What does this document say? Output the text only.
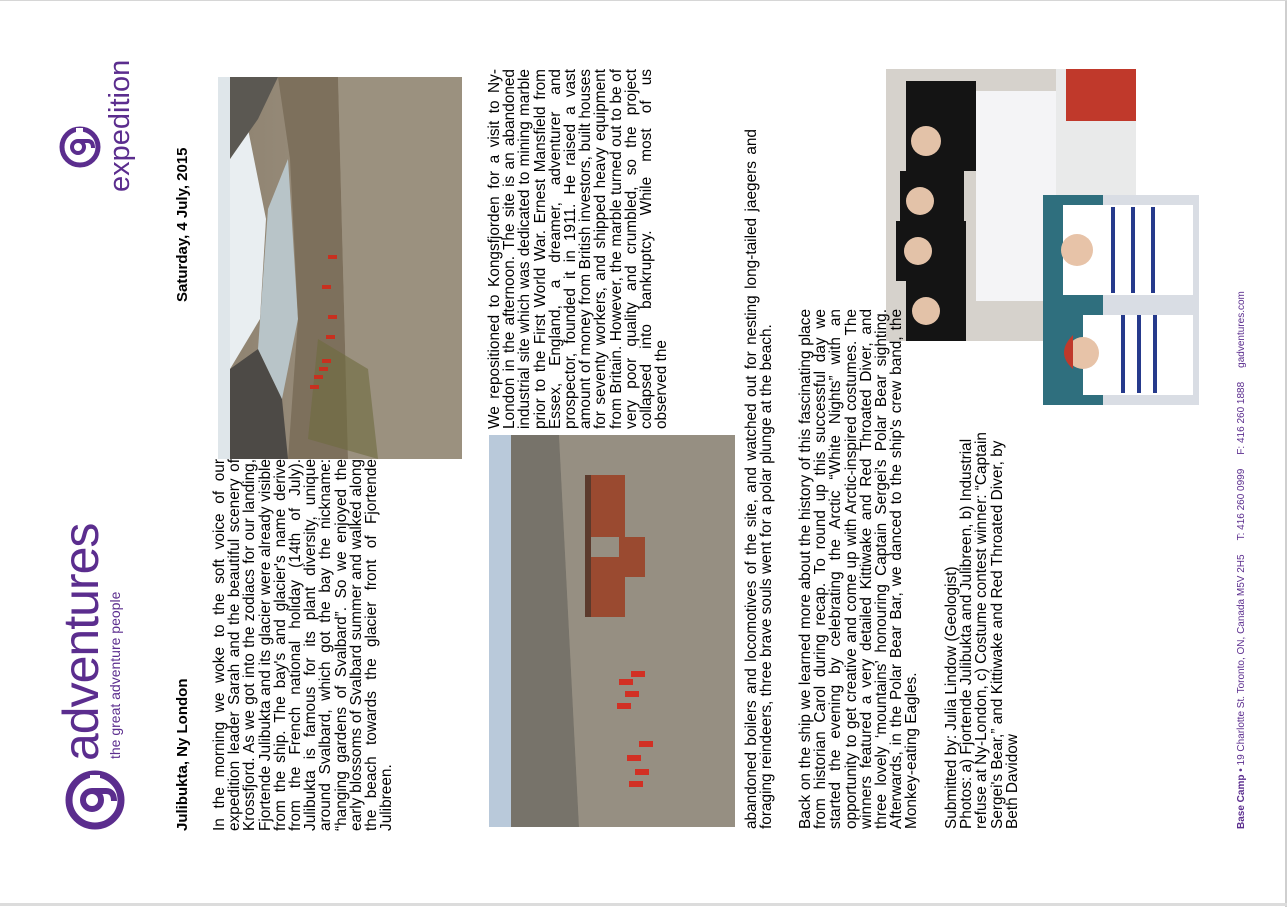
adventures
the great adventure people
expedition
Julibukta, Ny London
Saturday, 4 July, 2015

In the morning we woke to the soft voice of our expedition leader Sarah and the beautiful scenery of Krossfjord. As we got into the zodiacs for our landing, Fjortende Julibukta and its glacier were already visible from the ship. The bay's and glacier's name derive from the French national holiday (14th of July). Julibukta is famous for its plant diversity, unique around Svalbard, which got the bay the nickname: “hanging gardens of Svalbard”. So we enjoyed the early blossoms of Svalbard summer and walked along the beach towards the glacier front of Fjortende Julibreen.

We repositioned to Kongsfjorden for a visit to Ny-London in the afternoon. The site is an abandoned industrial site which was dedicated to mining marble prior to the First World War. Ernest Mansfield from Essex, England, a dreamer, adventurer and prospector, founded it in 1911. He raised a vast amount of money from British investors, built houses for seventy workers, and shipped heavy equipment from Britain. However, the marble turned out to be of very poor quality and crumbled, so the project collapsed into bankruptcy. While most of us observed the	abandoned boilers and locomotives of the site, and watched out for nesting long-tailed jaegers and foraging reindeers, three brave souls went for a polar plunge at the beach. Back on the ship we learned more about the history of this fascinating place from historian Carol during recap. To round up this successful day we started the evening by celebrating the Arctic “White Nights” with an opportunity to get creative and come up with Arctic-inspired costumes. The winners featured a very detailed Kittiwake and Red Throated Diver, and three lovely ‘mountains’ honouring Captain Sergei's Polar Bear sighting. Afterwards, in the Polar Bear Bar, we danced to the ship's crew band, the Monkey-eating Eagles. Submitted by: Julia Lindow (Geologist)

Photos: a) Fjortende Julibukta and Julibreen, b) Industrial refuse at Ny-London, c) Costume contest winner: “Captain Sergei's Bear,” and Kittiwake and Red Throated Diver, by Beth Davidow	Base Camp • 19 Charlotte St. Toronto, ON, Canada M5V 2H5T: 416 260 0999F: 416 260 1888gadventures.com
